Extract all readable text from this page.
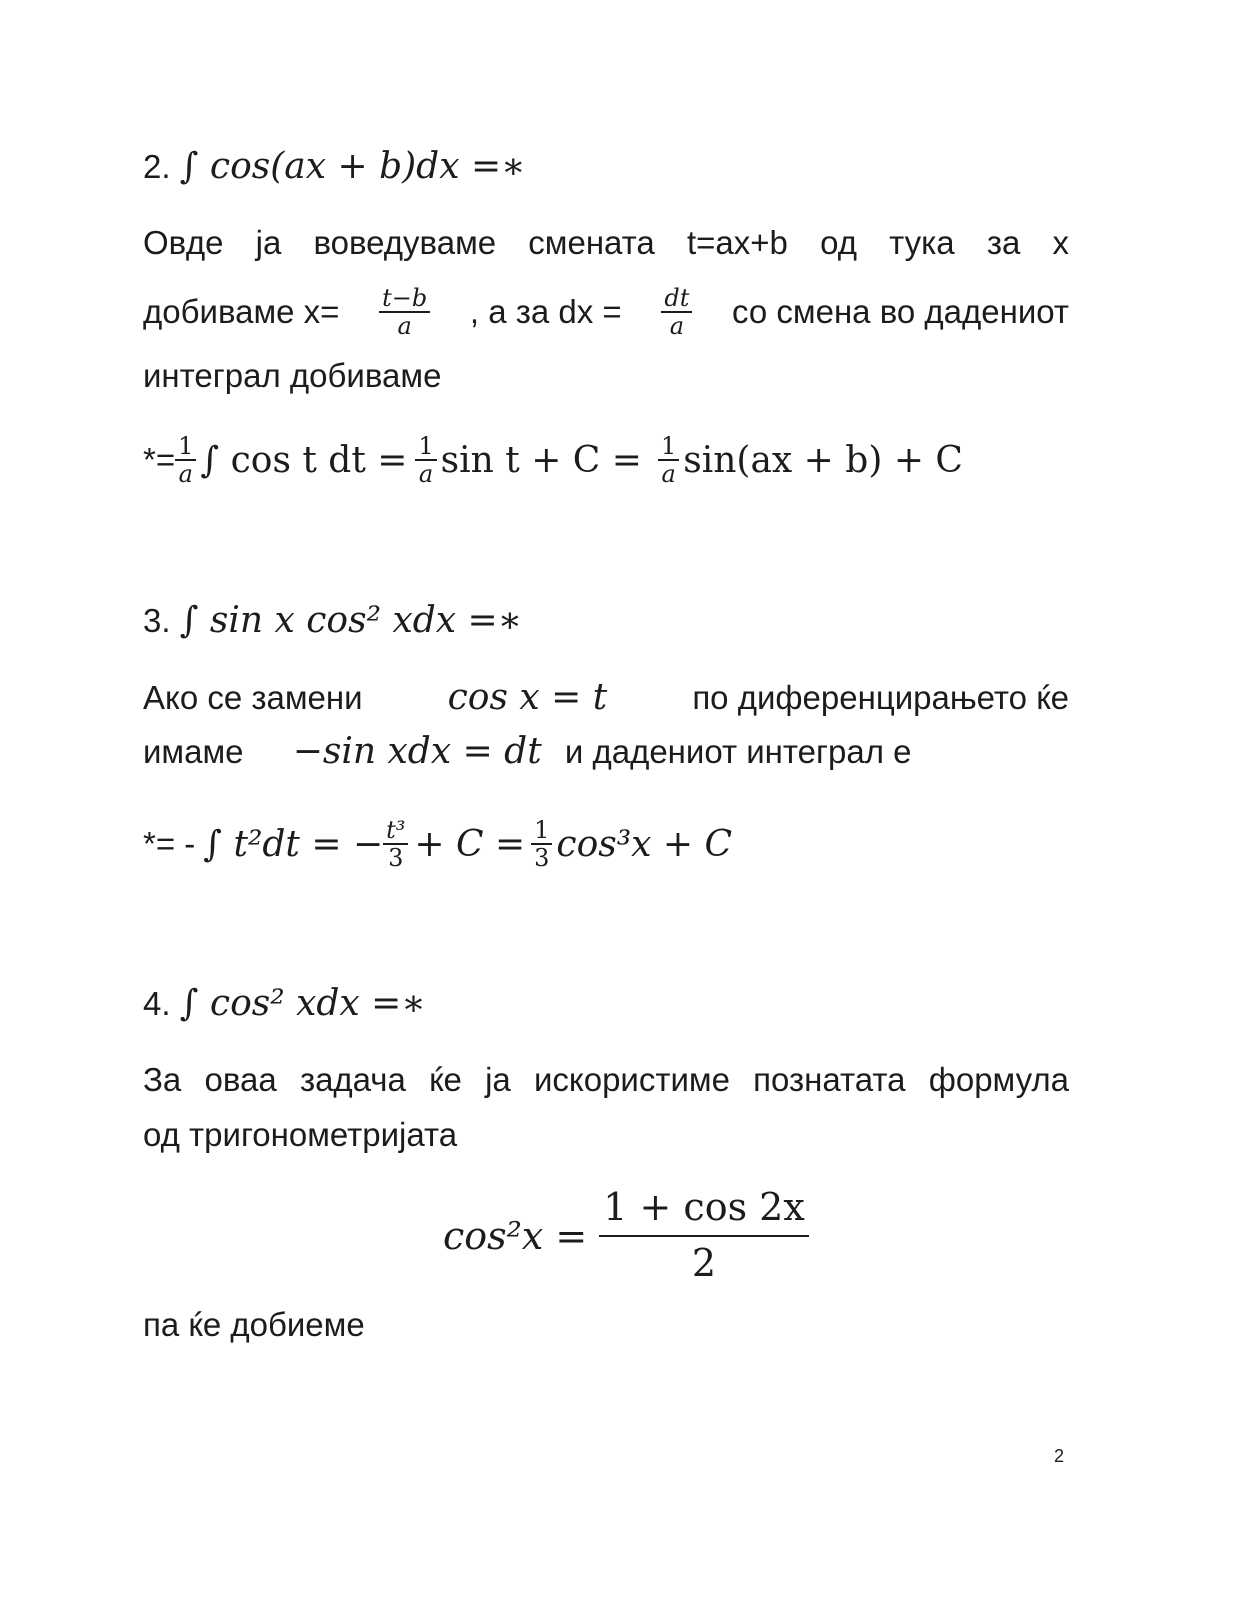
2. ∫ cos(ax + b)dx =∗
Овде ја воведуваме смената t=ax+b од тука за x
добиваме $x= \frac{t-b}{a}$ , а за dx = $\frac{dt}{a}$ со смена во дадениот
интеграл добиваме
*= $\frac{1}{a}$ ∫ cos t dt = $\frac{1}{a}$ $\sin t + C = \frac{1}{a} \sin(ax + b) + C$
3. ∫ sin x cos² xdx =∗
Ако се замени cos x = t	по диференцирањето ќе
имаме −sin xdx = dt и дадениот интеграл е
*= - ∫ t²dt = − $\frac{\text{t³}}{3} + C = \frac{1}{3} \cos^3x + C$
4. ∫ cos² xdx =∗
За оваа задача ќе ја искористиме познатата формула
од тригонометријата
$\cos^2x = \frac{1 + \cos 2x}{2}$
па ќе добиеме
2
